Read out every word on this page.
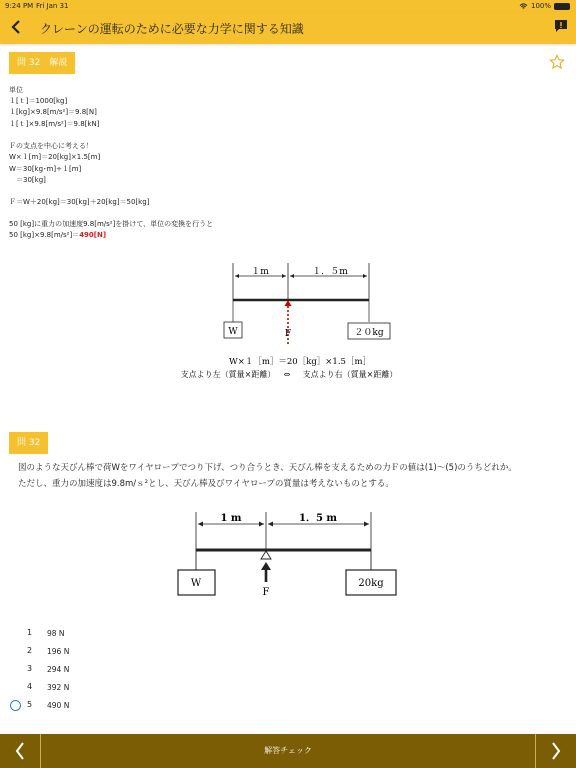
9:24 PM Fri Jan 31	100%
クレーンの運転のために必要な力学に関する知識
問 32　解説
単位
１[ｔ]＝1000[kg]
１[kg]×9.8[m/s²]＝9.8[N]
１[ｔ]×9.8[m/s²]＝9.8[kN]
Ｆの支点を中心に考える！
W×１[m]＝20[kg]×1.5[m]
W＝30[kg･m]÷１[m]
　＝30[kg]
Ｆ＝W＋20[kg]＝30[kg]＋20[kg]＝50[kg]
50 [kg]に重力の加速度9.8[m/s²]を掛けて、単位の変換を行うと
50 [kg]×9.8[m/s²]＝490[N]
１m	１．５m
W	２０kg
F
W×１［m］＝20［kg］×1.5［m］
支点より左（質量×距離） ⇔ 支点より右（質量×距離）
問 32
図のような天びん棒で荷Wをワイヤロープでつり下げ、つり合うとき、天びん棒を支えるための力Ｆの値は(1)〜(5)のうちどれか。
ただし、重力の加速度は9.8m/ｓ²とし、天びん棒及びワイヤロープの質量は考えないものとする。
1 m	1．5 m
W	20kg
F
1 98 N
2 196 N
3 294 N
4 392 N
5 490 N
解答チェック
